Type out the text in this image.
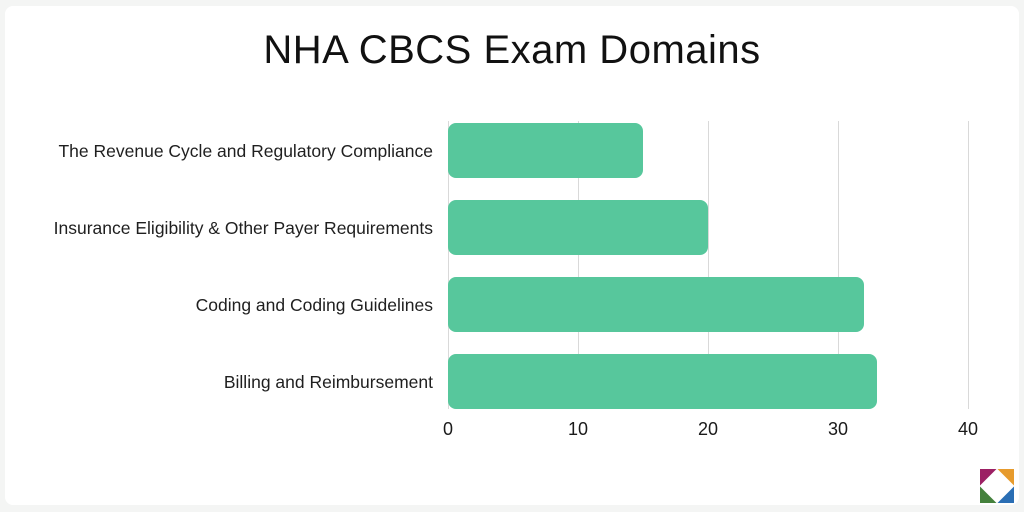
NHA CBCS Exam Domains
The Revenue Cycle and Regulatory Compliance
Insurance Eligibility & Other Payer Requirements
Coding and Coding Guidelines
Billing and Reimbursement
0	10	20	30	40
